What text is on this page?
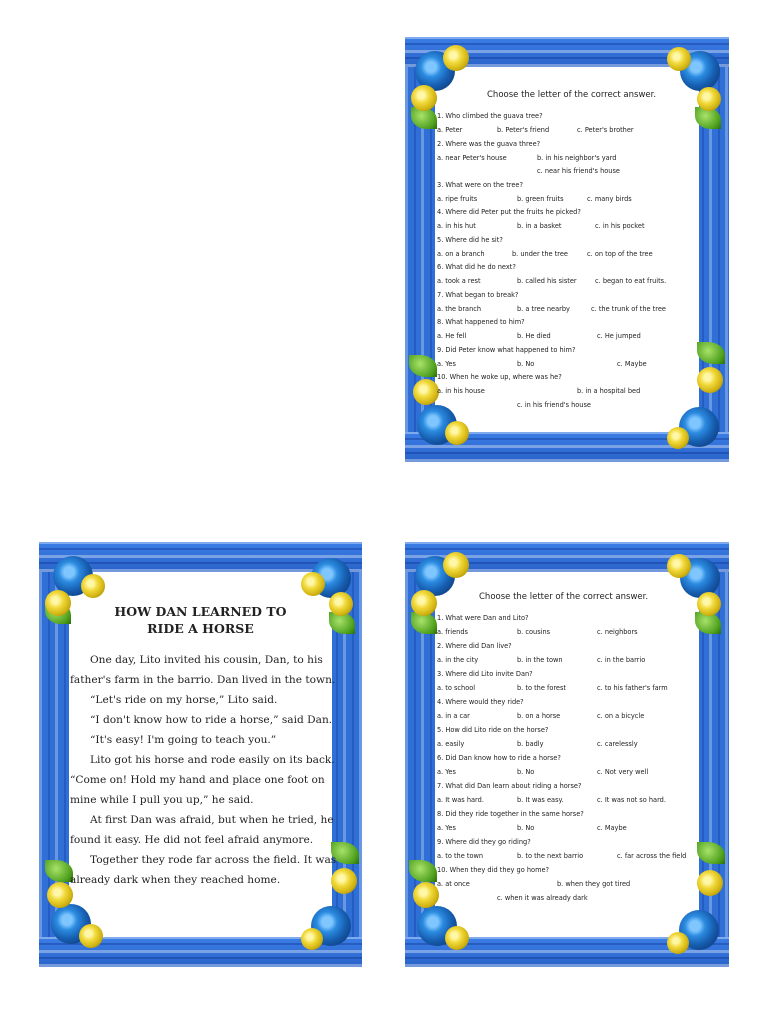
Choose the letter of the correct answer.
1. Who climbed the guava tree?
a. Peter	b. Peter's friend	c. Peter's brother
2. Where was the guava three?
a. near Peter's house	b. in his neighbor's yard
c. near his friend's house
3. What were on the tree?
a. ripe fruits	b. green fruits	c. many birds
4. Where did Peter put the fruits he picked?
a. in his hut	b. in a basket	c. in his pocket
5. Where did he sit?
a. on a branch	b. under the tree	c. on top of the tree
6. What did he do next?
a. took a rest	b. called his sister	c. began to eat fruits.
7. What began to break?
a. the branch	b. a tree nearby	c. the trunk of the tree
8. What happened to him?
a. He fell	b. He died	c. He jumped
9. Did Peter know what happened to him?
a. Yes	b. No	c. Maybe
10. When he woke up, where was he?
a. in his house	b. in a hospital bed
c. in his friend's house
HOW DAN LEARNED TO
RIDE A HORSE
One day, Lito invited his cousin, Dan, to his
father's farm in the barrio. Dan lived in the town.
“Let's ride on my horse,” Lito said.
“I don't know how to ride a horse,” said Dan.
“It's easy! I'm going to teach you.”
Lito got his horse and rode easily on its back.
“Come on! Hold my hand and place one foot on
mine while I pull you up,” he said.
At first Dan was afraid, but when he tried, he
found it easy. He did not feel afraid anymore.
Together they rode far across the field. It was
already dark when they reached home.
Choose the letter of the correct answer.
1. What were Dan and Lito?
a. friends	b. cousins	c. neighbors
2. Where did Dan live?
a. in the city	b. in the town	c. in the barrio
3. Where did Lito invite Dan?
a. to school	b. to the forest	c. to his father's farm
4. Where would they ride?
a. in a car	b. on a horse	c. on a bicycle
5. How did Lito ride on the horse?
a. easily	b. badly	c. carelessly
6. Did Dan know how to ride a horse?
a. Yes	b. No	c. Not very well
7. What did Dan learn about riding a horse?
a. It was hard.	b. It was easy.	c. It was not so hard.
8. Did they ride together in the same horse?
a. Yes	b. No	c. Maybe
9. Where did they go riding?
a. to the town	b. to the next barrio	c. far across the field
10. When they did they go home?
a. at once	b. when they got tired
c. when it was already dark
